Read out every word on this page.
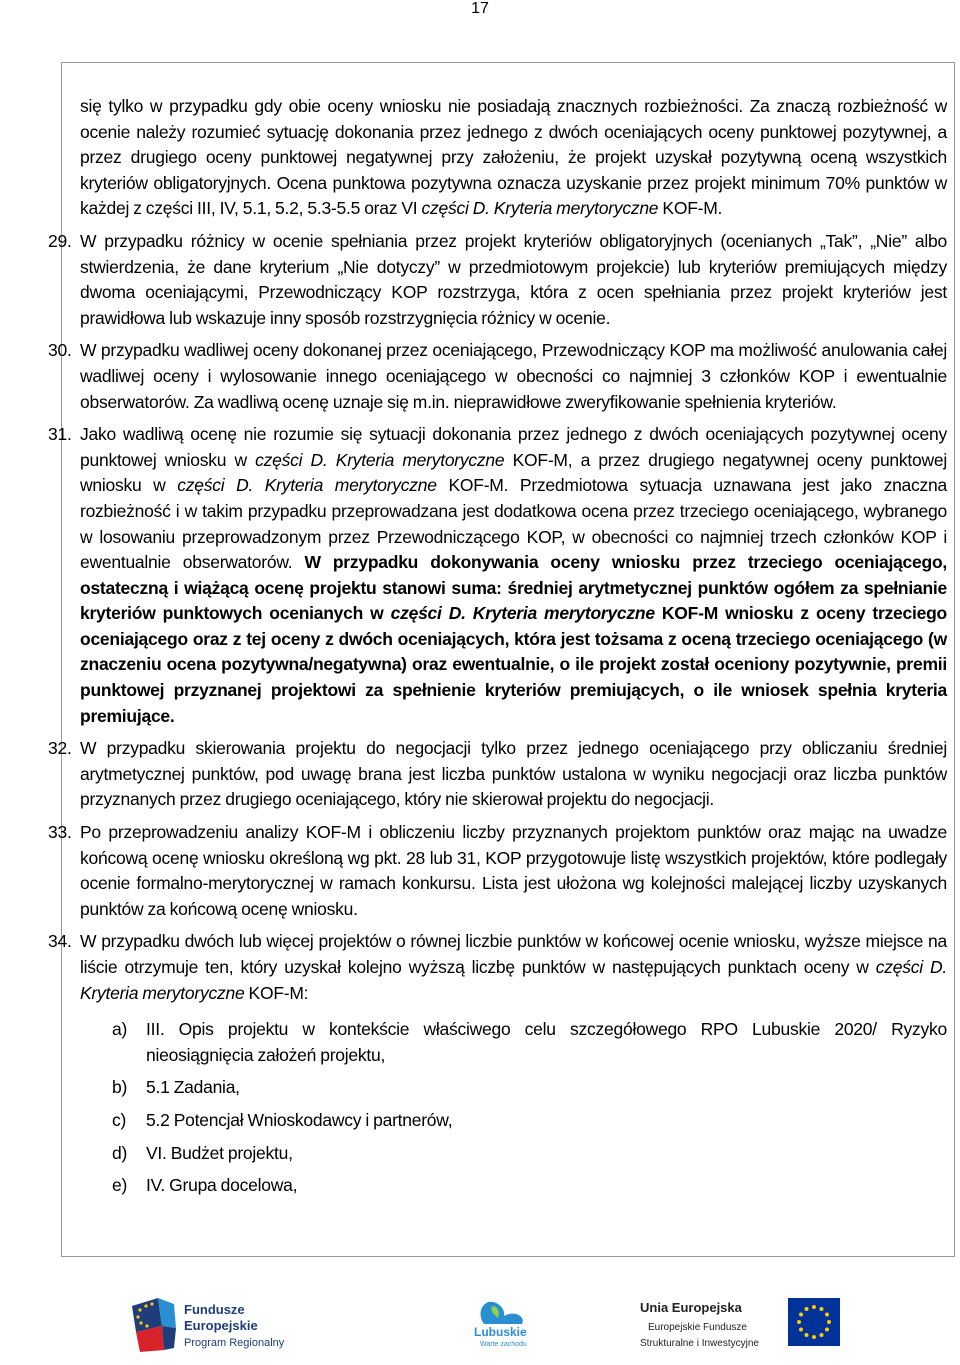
17

się tylko w przypadku gdy obie oceny wniosku nie posiadają znacznych rozbieżności. Za znaczą rozbieżność w ocenie należy rozumieć sytuację dokonania przez jednego z dwóch oceniających oceny punktowej pozytywnej, a przez drugiego oceny punktowej negatywnej przy założeniu, że projekt uzyskał pozytywną oceną wszystkich kryteriów obligatoryjnych. Ocena punktowa pozytywna oznacza uzyskanie przez projekt minimum 70% punktów w każdej z części III, IV, 5.1, 5.2, 5.3-5.5 oraz VI części D. Kryteria merytoryczne KOF-M.

29. W przypadku różnicy w ocenie spełniania przez projekt kryteriów obligatoryjnych (ocenianych „Tak”, „Nie” albo stwierdzenia, że dane kryterium „Nie dotyczy” w przedmiotowym projekcie) lub kryteriów premiujących między dwoma oceniającymi, Przewodniczący KOP rozstrzyga, która z ocen spełniania przez projekt kryteriów jest prawidłowa lub wskazuje inny sposób rozstrzygnięcia różnicy w ocenie.

30. W przypadku wadliwej oceny dokonanej przez oceniającego, Przewodniczący KOP ma możliwość anulowania całej wadliwej oceny i wylosowanie innego oceniającego w obecności co najmniej 3 członków KOP i ewentualnie obserwatorów. Za wadliwą ocenę uznaje się m.in. nieprawidłowe zweryfikowanie spełnienia kryteriów.

31. Jako wadliwą ocenę nie rozumie się sytuacji dokonania przez jednego z dwóch oceniających pozytywnej oceny punktowej wniosku w części D. Kryteria merytoryczne KOF-M, a przez drugiego negatywnej oceny punktowej wniosku w części D. Kryteria merytoryczne KOF-M. Przedmiotowa sytuacja uznawana jest jako znaczna rozbieżność i w takim przypadku przeprowadzana jest dodatkowa ocena przez trzeciego oceniającego, wybranego w losowaniu przeprowadzonym przez Przewodniczącego KOP, w obecności co najmniej trzech członków KOP i ewentualnie obserwatorów. W przypadku dokonywania oceny wniosku przez trzeciego oceniającego, ostateczną i wiążącą ocenę projektu stanowi suma: średniej arytmetycznej punktów ogółem za spełnianie kryteriów punktowych ocenianych w części D. Kryteria merytoryczne KOF-M wniosku z oceny trzeciego oceniającego oraz z tej oceny z dwóch oceniających, która jest tożsama z oceną trzeciego oceniającego (w znaczeniu ocena pozytywna/negatywna) oraz ewentualnie, o ile projekt został oceniony pozytywnie, premii punktowej przyznanej projektowi za spełnienie kryteriów premiujących, o ile wniosek spełnia kryteria premiujące.

32. W przypadku skierowania projektu do negocjacji tylko przez jednego oceniającego przy obliczaniu średniej arytmetycznej punktów, pod uwagę brana jest liczba punktów ustalona w wyniku negocjacji oraz liczba punktów przyznanych przez drugiego oceniającego, który nie skierował projektu do negocjacji.

33. Po przeprowadzeniu analizy KOF-M i obliczeniu liczby przyznanych projektom punktów oraz mając na uwadze końcową ocenę wniosku określoną wg pkt. 28 lub 31, KOP przygotowuje listę wszystkich projektów, które podlegały ocenie formalno-merytorycznej w ramach konkursu. Lista jest ułożona wg kolejności malejącej liczby uzyskanych punktów za końcową ocenę wniosku.

34. W przypadku dwóch lub więcej projektów o równej liczbie punktów w końcowej ocenie wniosku, wyższe miejsce na liście otrzymuje ten, który uzyskał kolejno wyższą liczbę punktów w następujących punktach oceny w części D. Kryteria merytoryczne KOF-M:

a) III. Opis projektu w kontekście właściwego celu szczegółowego RPO Lubuskie 2020/ Ryzyko nieosiągnięcia założeń projektu,

b) 5.1 Zadania,

c) 5.2 Potencjał Wnioskodawcy i partnerów,

d) VI. Budżet projektu,

e) IV. Grupa docelowa,

Fundusze
Europejskie
Program Regionalny
Lubuskie
Warte zachodu
Unia Europejska
Europejskie Fundusze
Strukturalne i Inwestycyjne
